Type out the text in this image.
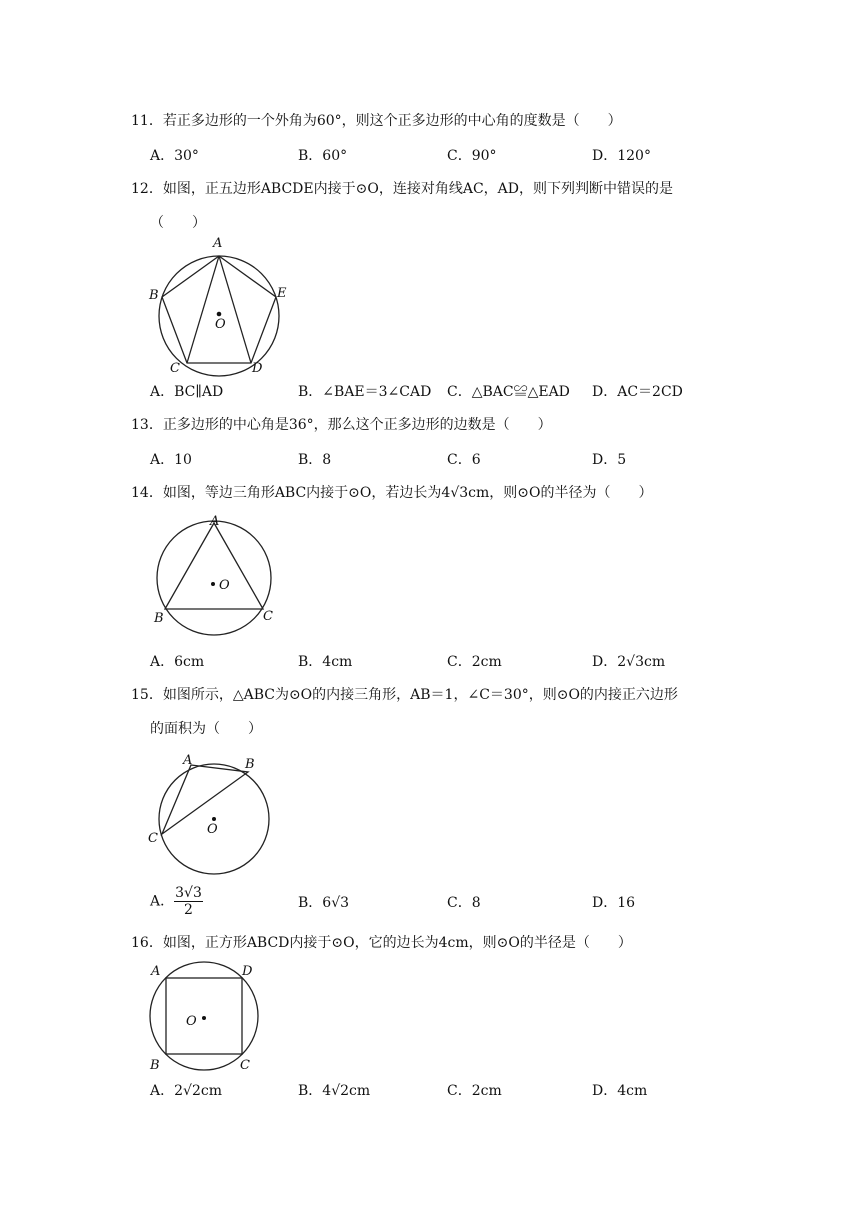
11．若正多边形的一个外角为60°，则这个正多边形的中心角的度数是（　　）
A．30°	B．60°	C．90°	D．120°
12．如图，正五边形ABCDE内接于⊙O，连接对角线AC，AD，则下列判断中错误的是
（　　）
A
B
C	D
E
O
A．BC∥AD	B．∠BAE＝3∠CAD C．△BAC≌△EAD D．AC＝2CD
13．正多边形的中心角是36°，那么这个正多边形的边数是（　　）
A．10	B．8	C．6	D．5
14．如图，等边三角形ABC内接于⊙O，若边长为4√3cm，则⊙O的半径为（　　）
A
B	C
O
A．6cm	B．4cm	C．2cm	D．2√3cm
15．如图所示，△ABC为⊙O的内接三角形，AB＝1，∠C＝30°，则⊙O的内接正六边形
的面积为（　　）
A	B
C
O
A． $\frac{3√3}{2}$	B．6√3	C．8	D．16
16．如图，正方形ABCD内接于⊙O，它的边长为4cm，则⊙O的半径是（　　）
A	D
B	C
O
A．2√2cm	B．4√2cm	C．2cm	D．4cm
